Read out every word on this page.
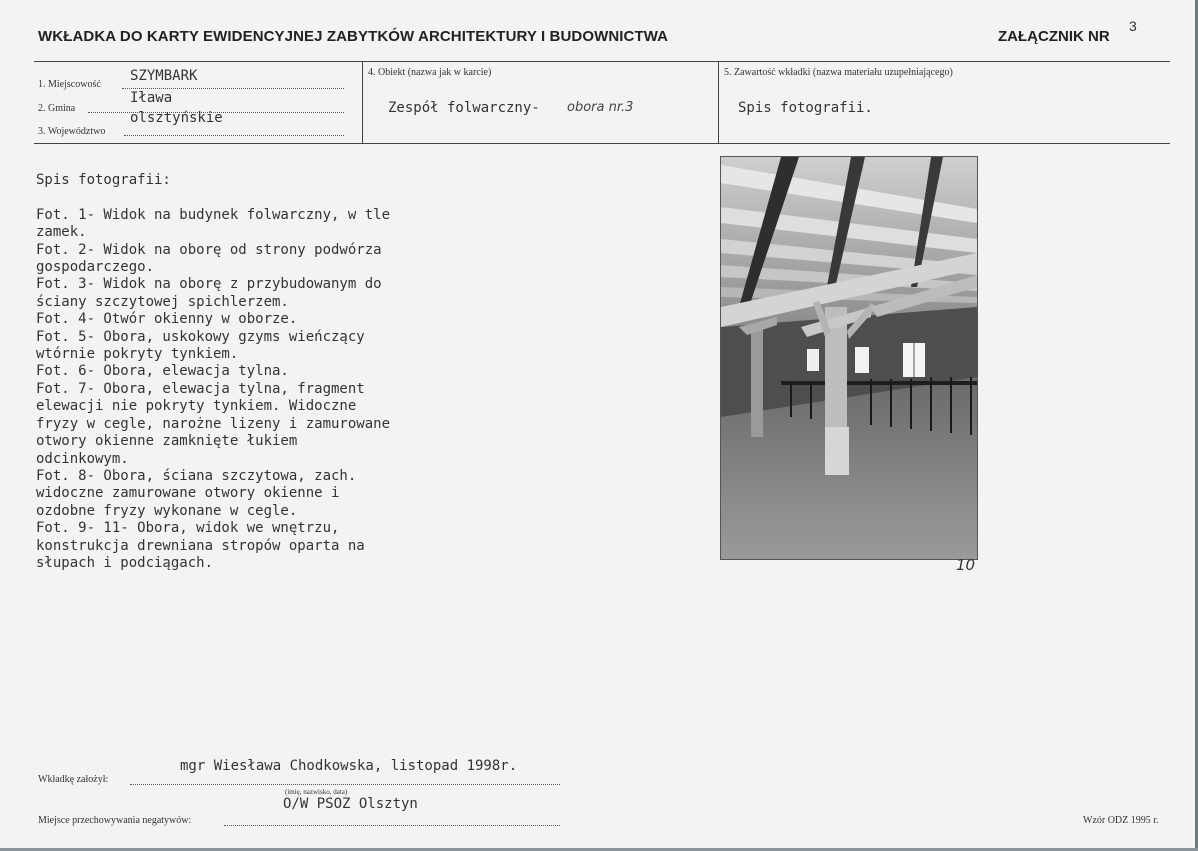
WKŁADKA DO KARTY EWIDENCYJNEJ ZABYTKÓW ARCHITEKTURY I BUDOWNICTWA	ZAŁĄCZNIK NR
3
1. Miejscowość
SZYMBARK
2. Gmina
Iława
3. Województwo
olsztyńskie
4. Obiekt (nazwa jak w karcie)
Zespół folwarczny- obora nr.3
5. Zawartość wkładki (nazwa materiału uzupełniającego)
Spis fotografii.
Spis fotografii:

Fot. 1- Widok na budynek folwarczny, w tle
zamek.
Fot. 2- Widok na oborę od strony podwórza
gospodarczego.
Fot. 3- Widok na oborę z przybudowanym do
ściany szczytowej spichlerzem.
Fot. 4- Otwór okienny w oborze.
Fot. 5- Obora, uskokowy gzyms wieńczący
wtórnie pokryty tynkiem.
Fot. 6- Obora, elewacja tylna.
Fot. 7- Obora, elewacja tylna, fragment
elewacji nie pokryty tynkiem. Widoczne
fryzy w cegle, narożne lizeny i zamurowane
otwory okienne zamknięte łukiem
odcinkowym.
Fot. 8- Obora, ściana szczytowa, zach.
widoczne zamurowane otwory okienne i
ozdobne fryzy wykonane w cegle.
Fot. 9- 11- Obora, widok we wnętrzu,
konstrukcja drewniana stropów oparta na
słupach i podciągach.	10
mgr Wiesława Chodkowska, listopad 1998r.
Wkładkę założył:
(imię, nazwisko, data)
O/W PSOZ Olsztyn
Miejsce przechowywania negatywów:	Wzór ODZ 1995 r.
